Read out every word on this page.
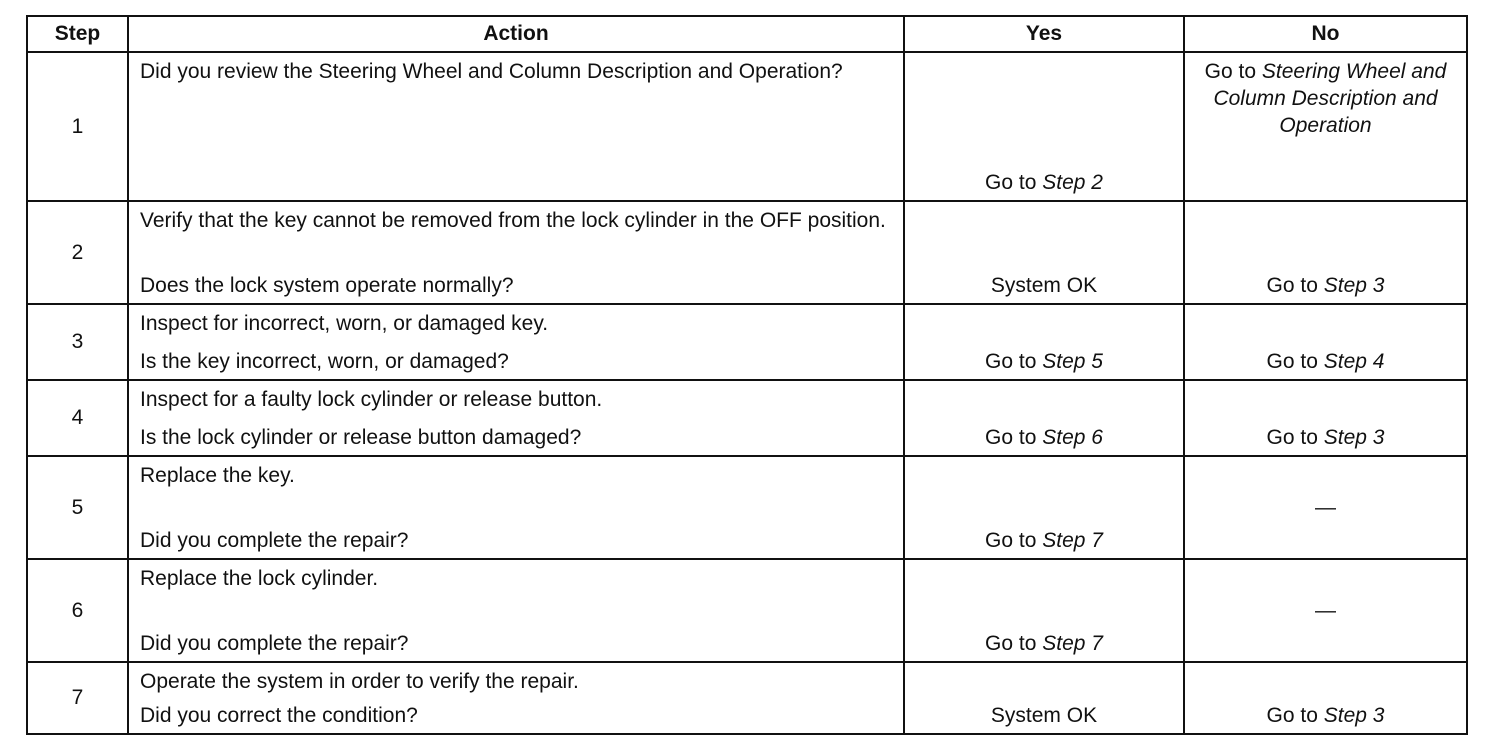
Step	Action	Yes	No
1	Did you review the Steering Wheel and Column Description and Operation?	Go to Step 2	Go to Steering Wheel and Column Description and Operation

2	Verify that the key cannot be removed from the lock cylinder in the OFF position.
Does the lock system operate normally?	System OK	Go to Step 3

3	Inspect for incorrect, worn, or damaged key.
Is the key incorrect, worn, or damaged?	Go to Step 5	Go to Step 4

4	Inspect for a faulty lock cylinder or release button.
Is the lock cylinder or release button damaged?	Go to Step 6	Go to Step 3

5	Replace the key.
Did you complete the repair?	Go to Step 7	—

6	Replace the lock cylinder.
Did you complete the repair?	Go to Step 7	—

7	Operate the system in order to verify the repair.
Did you correct the condition?	System OK	Go to Step 3
